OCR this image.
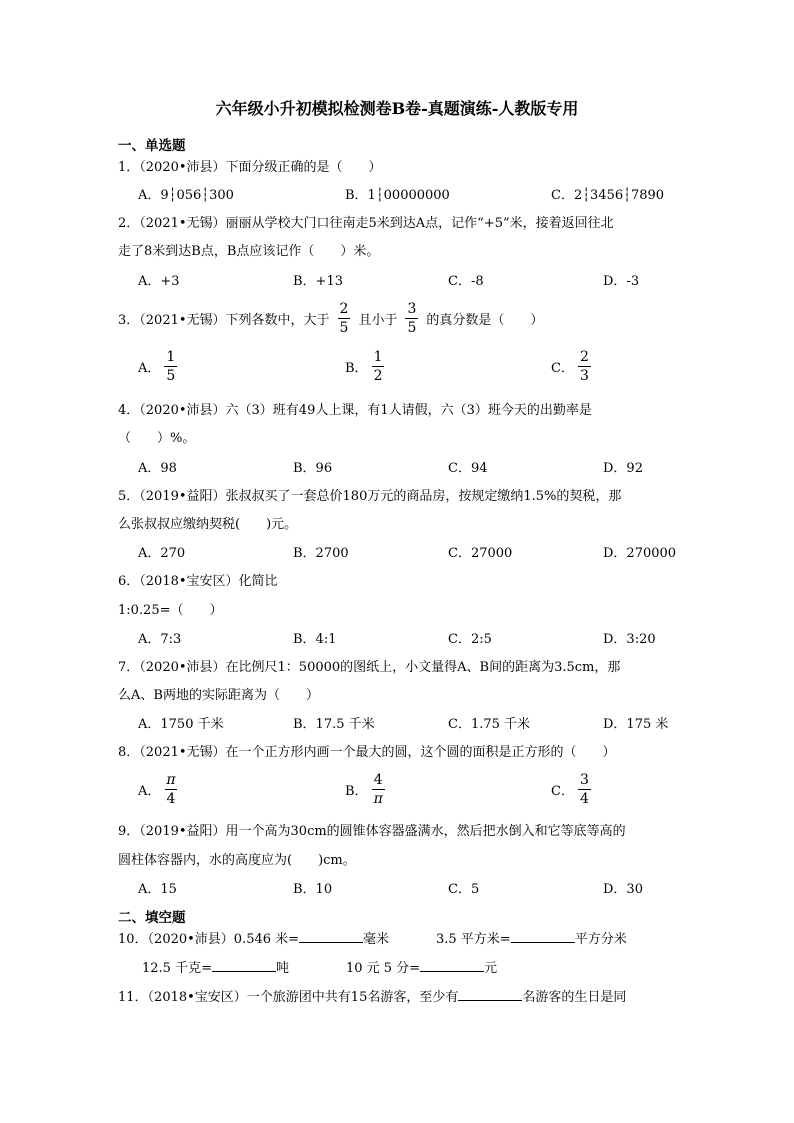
六年级小升初模拟检测卷B卷-真题演练-人教版专用
一、单选题
1．（2020•沛县）下面分级正确的是（　　）
A．9┆056┆300	B．1┆00000000	C．2┆3456┆7890
2．（2021•无锡）丽丽从学校大门口往南走5米到达A点，记作“+5”米，接着返回往北
走了8米到达B点，B点应该记作（　　）米。
A．+3	B．+13	C．-8	D．-3
3．（2021•无锡）下列各数中，大于 $\frac{2}{5}$ 且小于 $\frac{3}{5}$ 的真分数是（　　）
A． $\frac{1}{5}$	B． $\frac{1}{2}$	C． $\frac{2}{3}$
4．（2020•沛县）六（3）班有49人上课，有1人请假，六（3）班今天的出勤率是
（　　）%。
A．98	B．96	C．94	D．92
5．（2019•益阳）张叔叔买了一套总价180万元的商品房，按规定缴纳1.5%的契税，那
么张叔叔应缴纳契税(　　)元。
A．270	B．2700	C．27000	D．270000
6．（2018•宝安区）化简比
1:0.25=（　　）
A．7:3	B．4:1	C．2:5	D．3:20
7．（2020•沛县）在比例尺1：50000的图纸上，小文量得A、B间的距离为3.5cm，那
么A、B两地的实际距离为（　　）
A．1750 千米	B．17.5 千米	C．1.75 千米	D．175 米
8．（2021•无锡）在一个正方形内画一个最大的圆，这个圆的面积是正方形的（　　）
A． $\frac{\pi}{4}$	B． $\frac{4}{\pi}$	C． $\frac{3}{4}$
9．（2019•益阳）用一个高为30cm的圆锥体容器盛满水，然后把水倒入和它等底等高的
圆柱体容器内，水的高度应为(　　)cm。
A．15	B．10	C．5	D．30
二、填空题
10．（2020•沛县）0.546 米=	毫米	3.5 平方米=	平方分米
12.5 千克=	吨	10 元 5 分=	元
11．（2018•宝安区）一个旅游团中共有15名游客，至少有	名游客的生日是同
